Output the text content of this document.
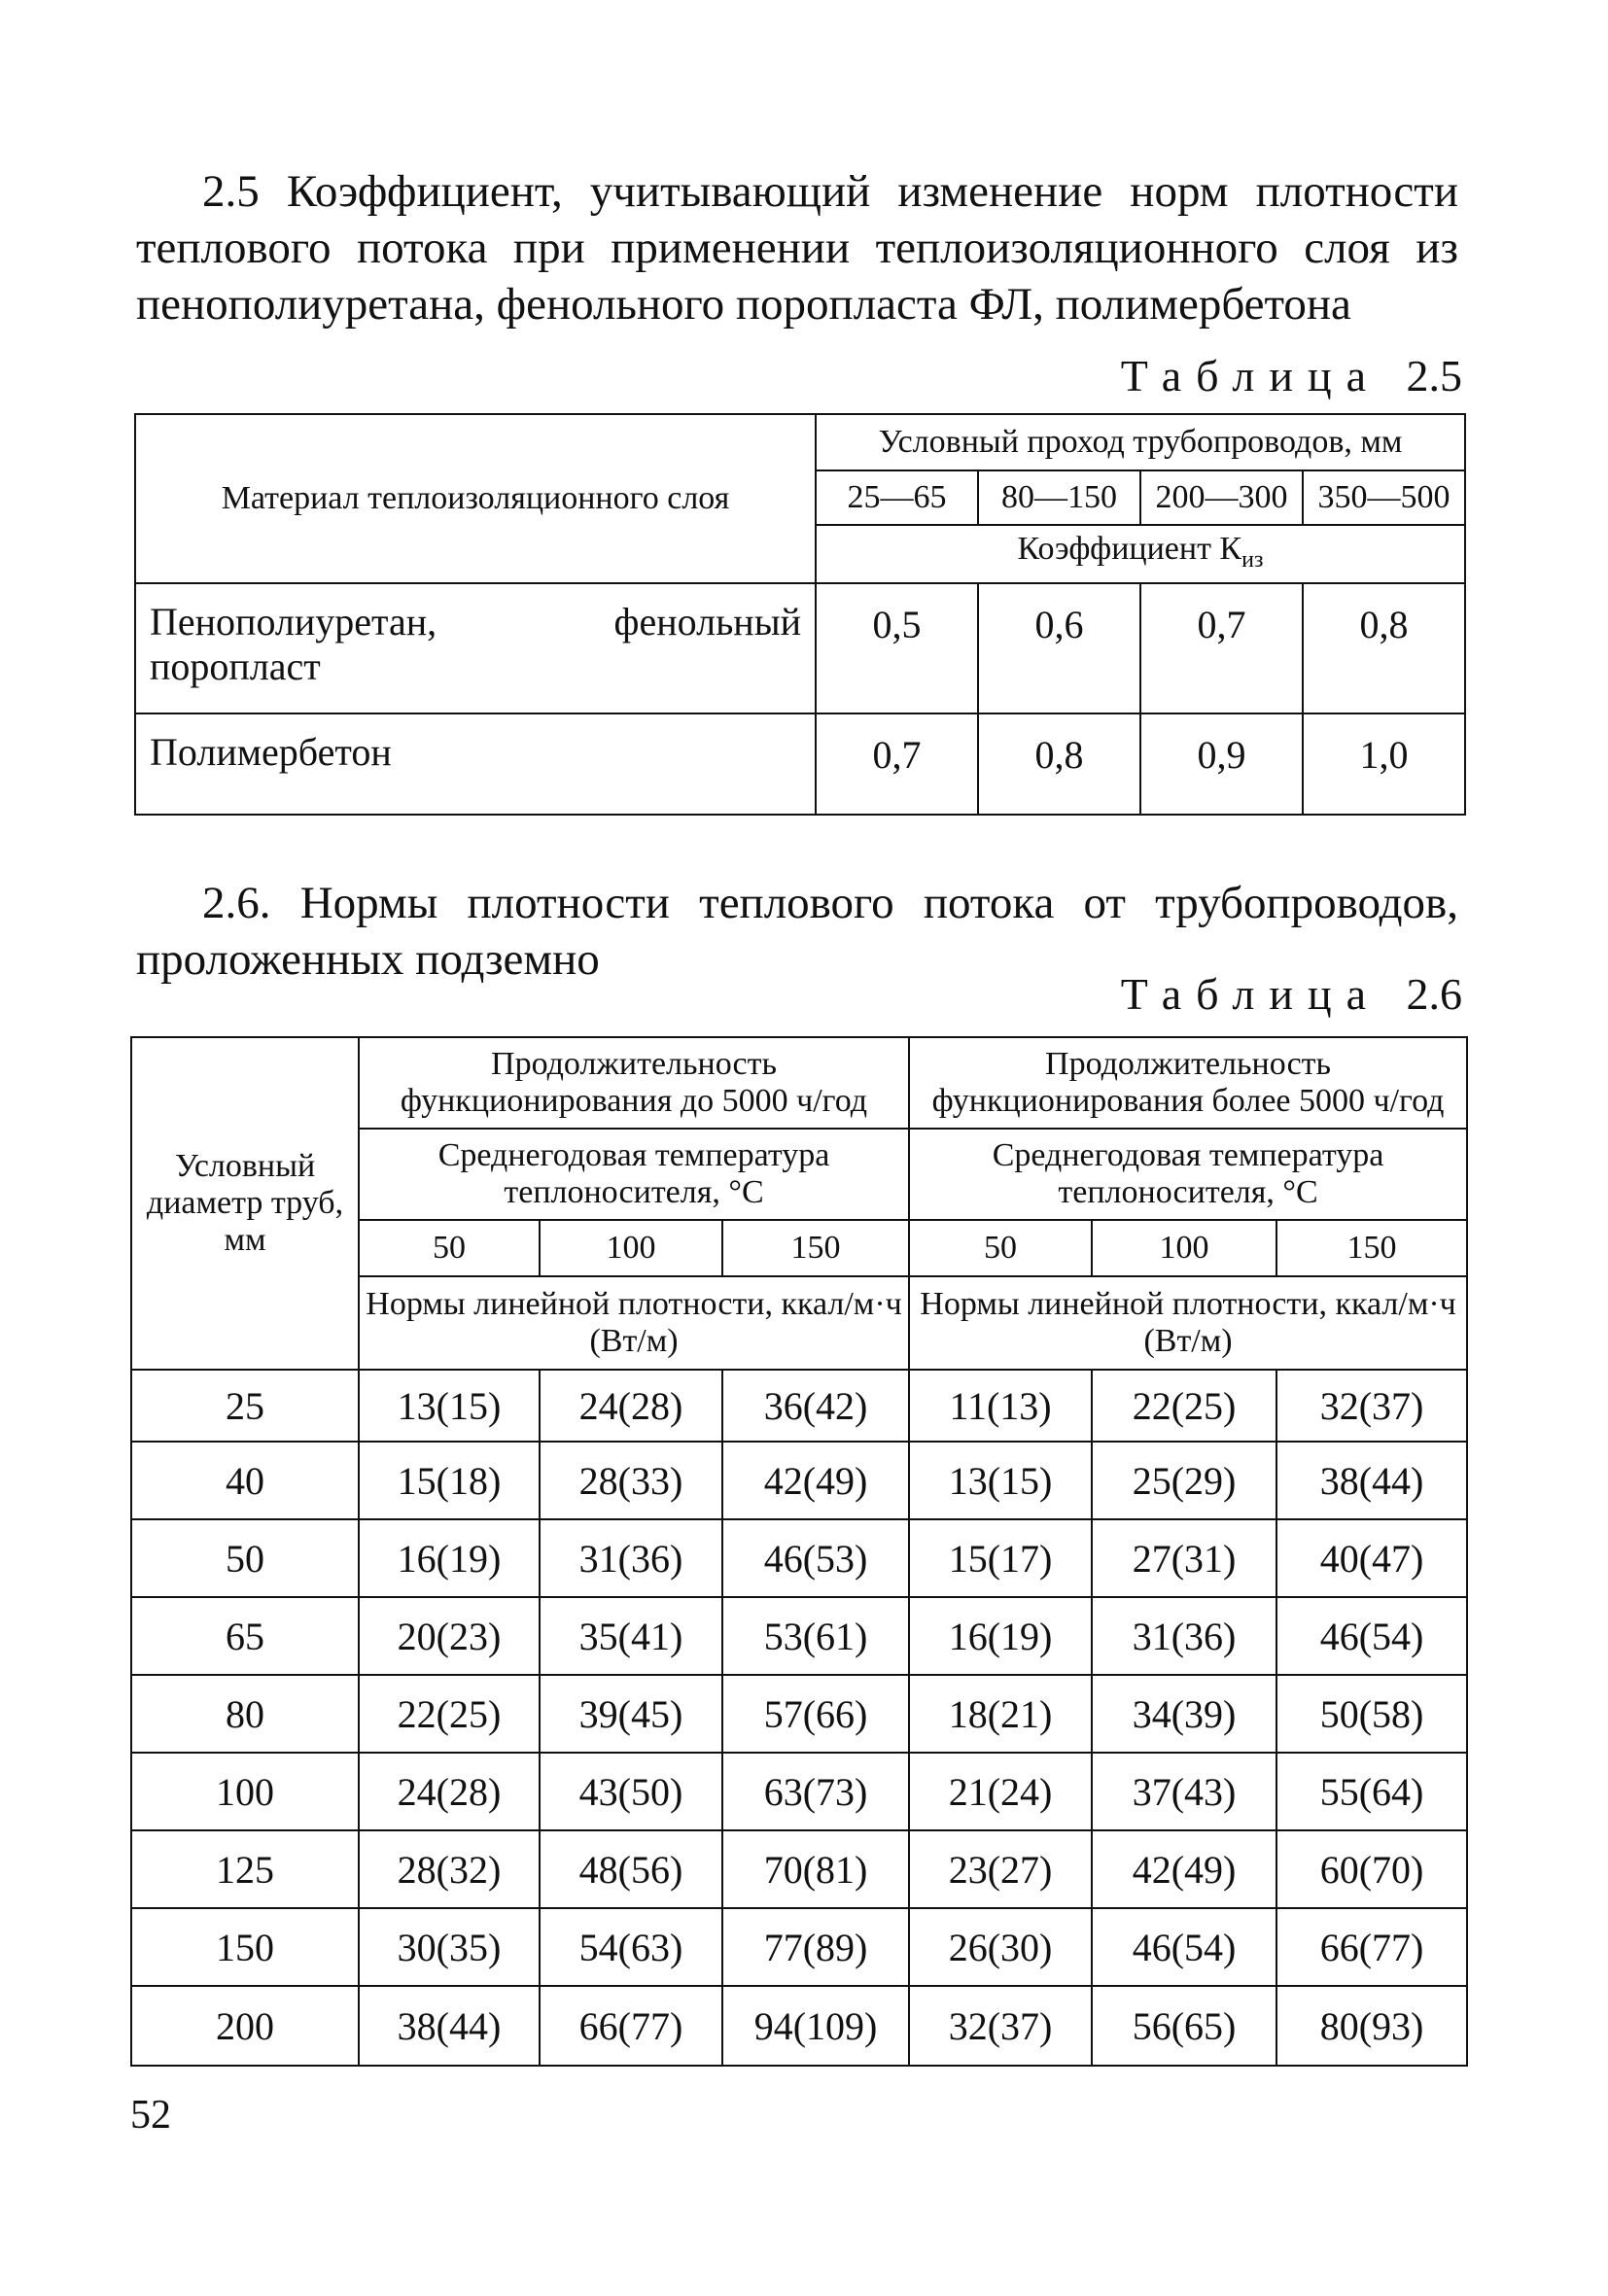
2.5 Коэффициент, учитывающий изменение норм плотности теплового потока при применении теплоизоляционного слоя из пенополиуретана, фенольного поропласта ФЛ, полимербетона

Таблица 2.5

Материал теплоизоляционного слоя	Условный проход трубопроводов, мм			
	25—65	80—150	200—300	350—500
	Коэффициент $К_{из}$
Пенополиуретан, фенольный поропласт	0,5	0,6	0,7	0,8
Полимербетон	0,7	0,8	0,9	1,0

2.6. Нормы плотности теплового потока от трубопроводов, проложенных подземно

Таблица 2.6

Условный диаметр труб, мм	Продолжительность функционирования до 5000 ч/год			Продолжительность функционирования более 5000 ч/год		
	Среднегодовая температура теплоносителя, °С			Среднегодовая температура теплоносителя, °С		
	50	100	150	50	100	150
	Нормы линейной плотности, ккал/м·ч (Вт/м)			Нормы линейной плотности, ккал/м·ч (Вт/м)		
25	13(15)	24(28)	36(42)	11(13)	22(25)	32(37)
40	15(18)	28(33)	42(49)	13(15)	25(29)	38(44)
50	16(19)	31(36)	46(53)	15(17)	27(31)	40(47)
65	20(23)	35(41)	53(61)	16(19)	31(36)	46(54)
80	22(25)	39(45)	57(66)	18(21)	34(39)	50(58)
100	24(28)	43(50)	63(73)	21(24)	37(43)	55(64)
125	28(32)	48(56)	70(81)	23(27)	42(49)	60(70)
150	30(35)	54(63)	77(89)	26(30)	46(54)	66(77)
200	38(44)	66(77)	94(109)	32(37)	56(65)	80(93)

52
